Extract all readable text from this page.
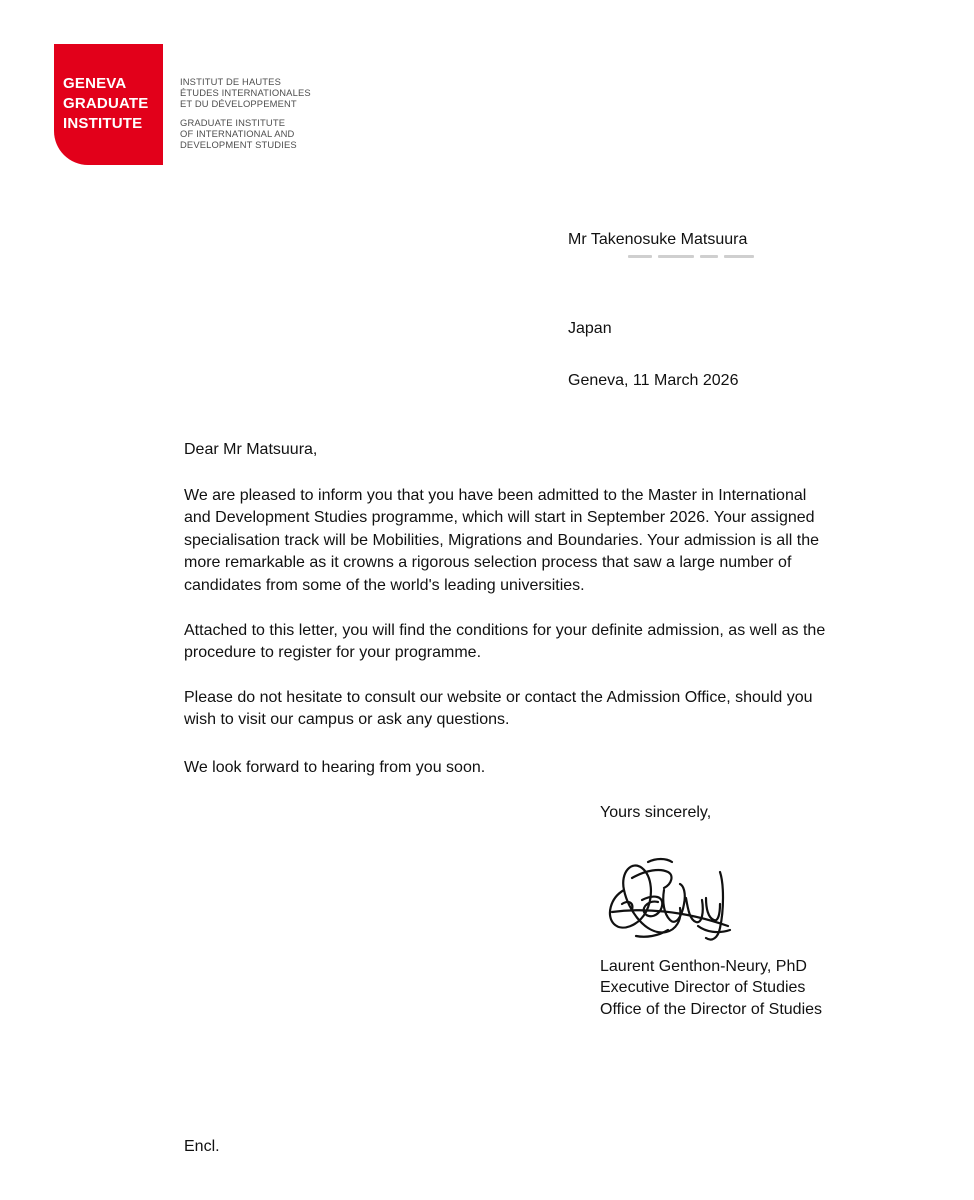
GENEVA
GRADUATE
INSTITUTE
INSTITUT DE HAUTES
ÉTUDES INTERNATIONALES
ET DU DÉVELOPPEMENT
GRADUATE INSTITUTE
OF INTERNATIONAL AND
DEVELOPMENT STUDIES
Mr Takenosuke Matsuura
Japan
Geneva, 11 March 2026
Dear Mr Matsuura,
We are pleased to inform you that you have been admitted to the Master in International
and Development Studies programme, which will start in September 2026. Your assigned
specialisation track will be Mobilities, Migrations and Boundaries. Your admission is all the
more remarkable as it crowns a rigorous selection process that saw a large number of
candidates from some of the world's leading universities.
Attached to this letter, you will find the conditions for your definite admission, as well as the
procedure to register for your programme.
Please do not hesitate to consult our website or contact the Admission Office, should you
wish to visit our campus or ask any questions.
We look forward to hearing from you soon.
Yours sincerely,
Laurent Genthon-Neury, PhD
Executive Director of Studies
Office of the Director of Studies
Encl.
